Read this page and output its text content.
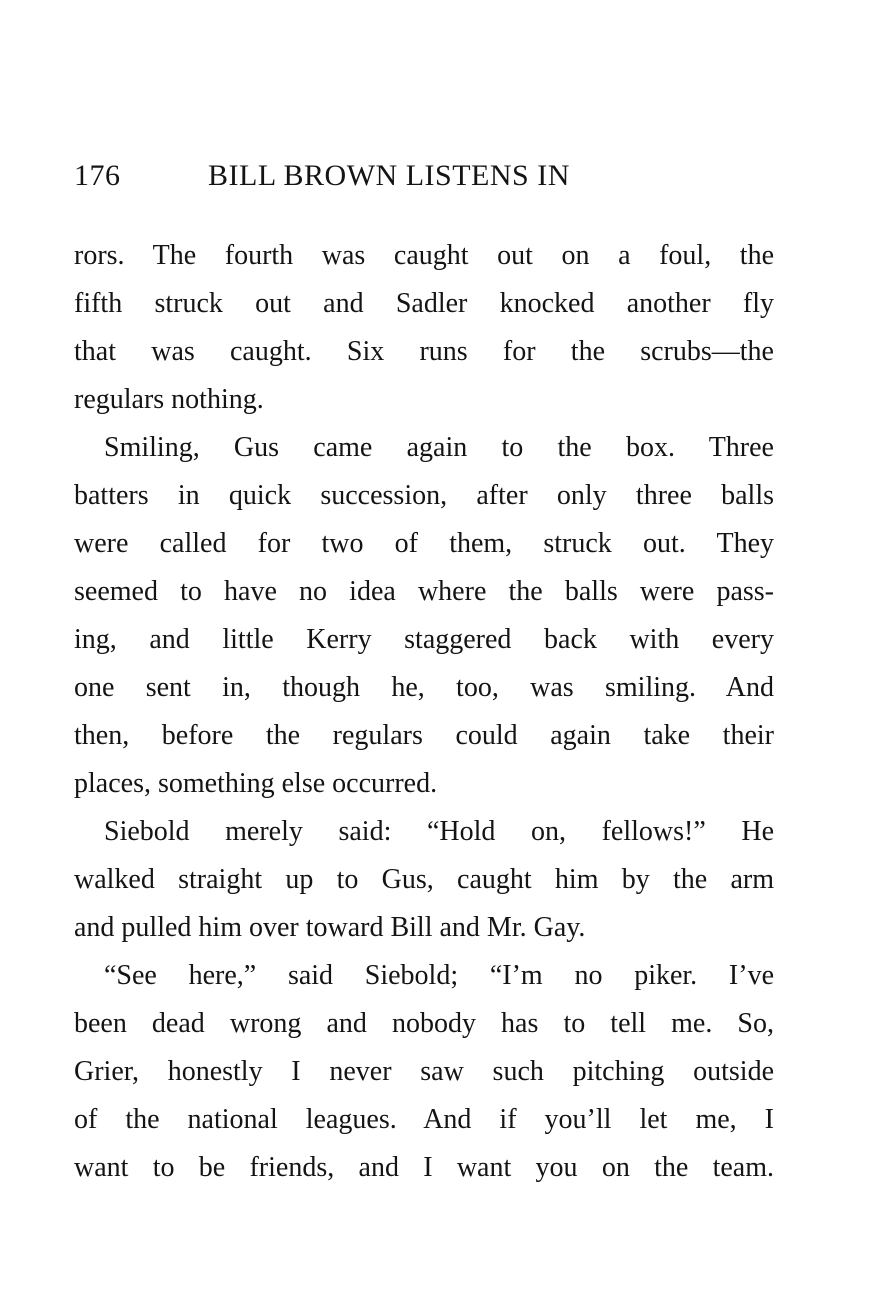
176	BILL BROWN LISTENS IN
rors. The fourth was caught out on a foul, the
fifth struck out and Sadler knocked another fly
that was caught. Six runs for the scrubs—the
regulars nothing.
Smiling, Gus came again to the box. Three
batters in quick succession, after only three balls
were called for two of them, struck out. They
seemed to have no idea where the balls were pass-
ing, and little Kerry staggered back with every
one sent in, though he, too, was smiling. And
then, before the regulars could again take their
places, something else occurred.
Siebold merely said: “Hold on, fellows!” He
walked straight up to Gus, caught him by the arm
and pulled him over toward Bill and Mr. Gay.
“See here,” said Siebold; “I’m no piker. I’ve
been dead wrong and nobody has to tell me. So,
Grier, honestly I never saw such pitching outside
of the national leagues. And if you’ll let me, I
want to be friends, and I want you on the team.
